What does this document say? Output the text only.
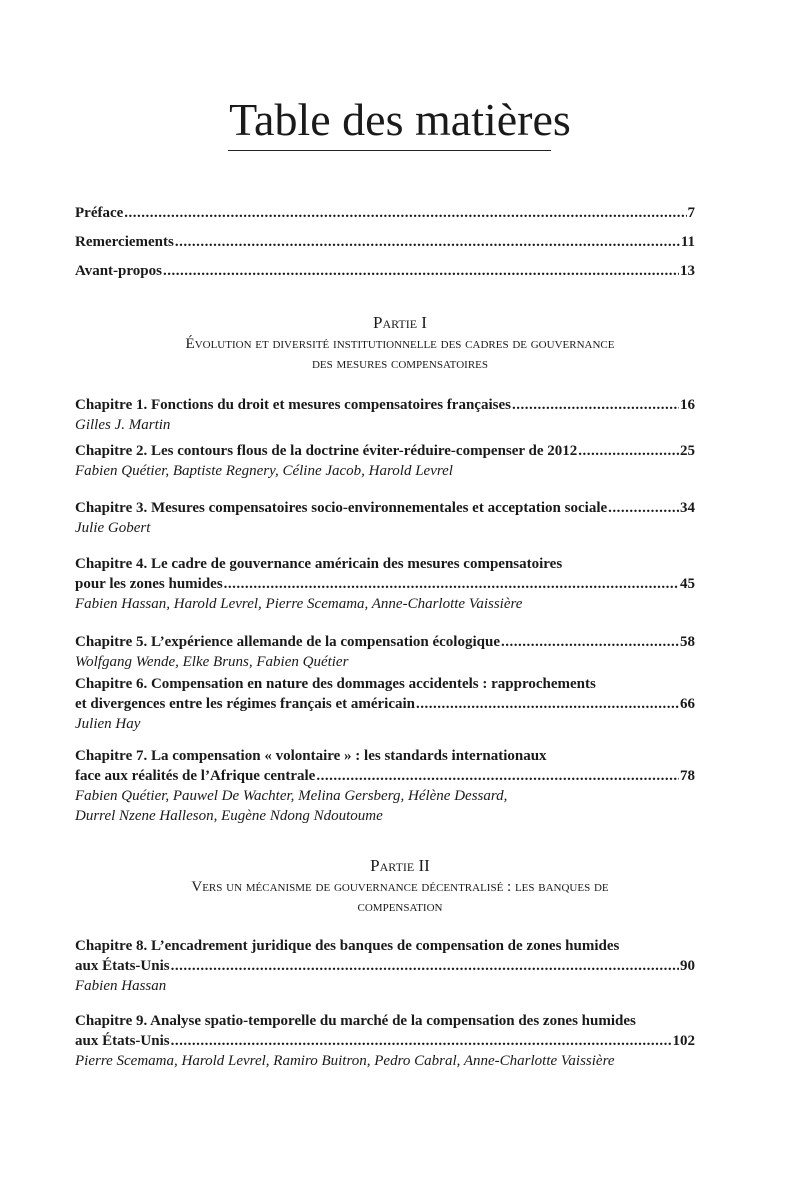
Table des matières
Préface .....	7
Remerciements .....	11
Avant-propos .....	13
Partie I
Évolution et diversité institutionnelle des cadres de gouvernance
des mesures compensatoires
Partie II
Vers un mécanisme de gouvernance décentralisé : les banques de
compensation
Chapitre 1. Fonctions du droit et mesures compensatoires françaises .....	16
Gilles J. Martin
Chapitre 2. Les contours flous de la doctrine éviter-réduire-compenser de 2012 .....	25
Fabien Quétier, Baptiste Regnery, Céline Jacob, Harold Levrel
Chapitre 3. Mesures compensatoires socio-environnementales et acceptation sociale .....	34
Julie Gobert
Chapitre 4. Le cadre de gouvernance américain des mesures compensatoires
pour les zones humides .....	45
Fabien Hassan, Harold Levrel, Pierre Scemama, Anne-Charlotte Vaissière
Chapitre 5. L’expérience allemande de la compensation écologique .....	58
Wolfgang Wende, Elke Bruns, Fabien Quétier
Chapitre 6. Compensation en nature des dommages accidentels : rapprochements
et divergences entre les régimes français et américain .....	66
Julien Hay
Chapitre 7. La compensation « volontaire » : les standards internationaux
face aux réalités de l’Afrique centrale .....	78
Fabien Quétier, Pauwel De Wachter, Melina Gersberg, Hélène Dessard,
Durrel Nzene Halleson, Eugène Ndong Ndoutoume
Chapitre 8. L’encadrement juridique des banques de compensation de zones humides
aux États-Unis .....	90
Fabien Hassan
Chapitre 9. Analyse spatio-temporelle du marché de la compensation des zones humides
aux États-Unis .....	102
Pierre Scemama, Harold Levrel, Ramiro Buitron, Pedro Cabral, Anne-Charlotte Vaissière
